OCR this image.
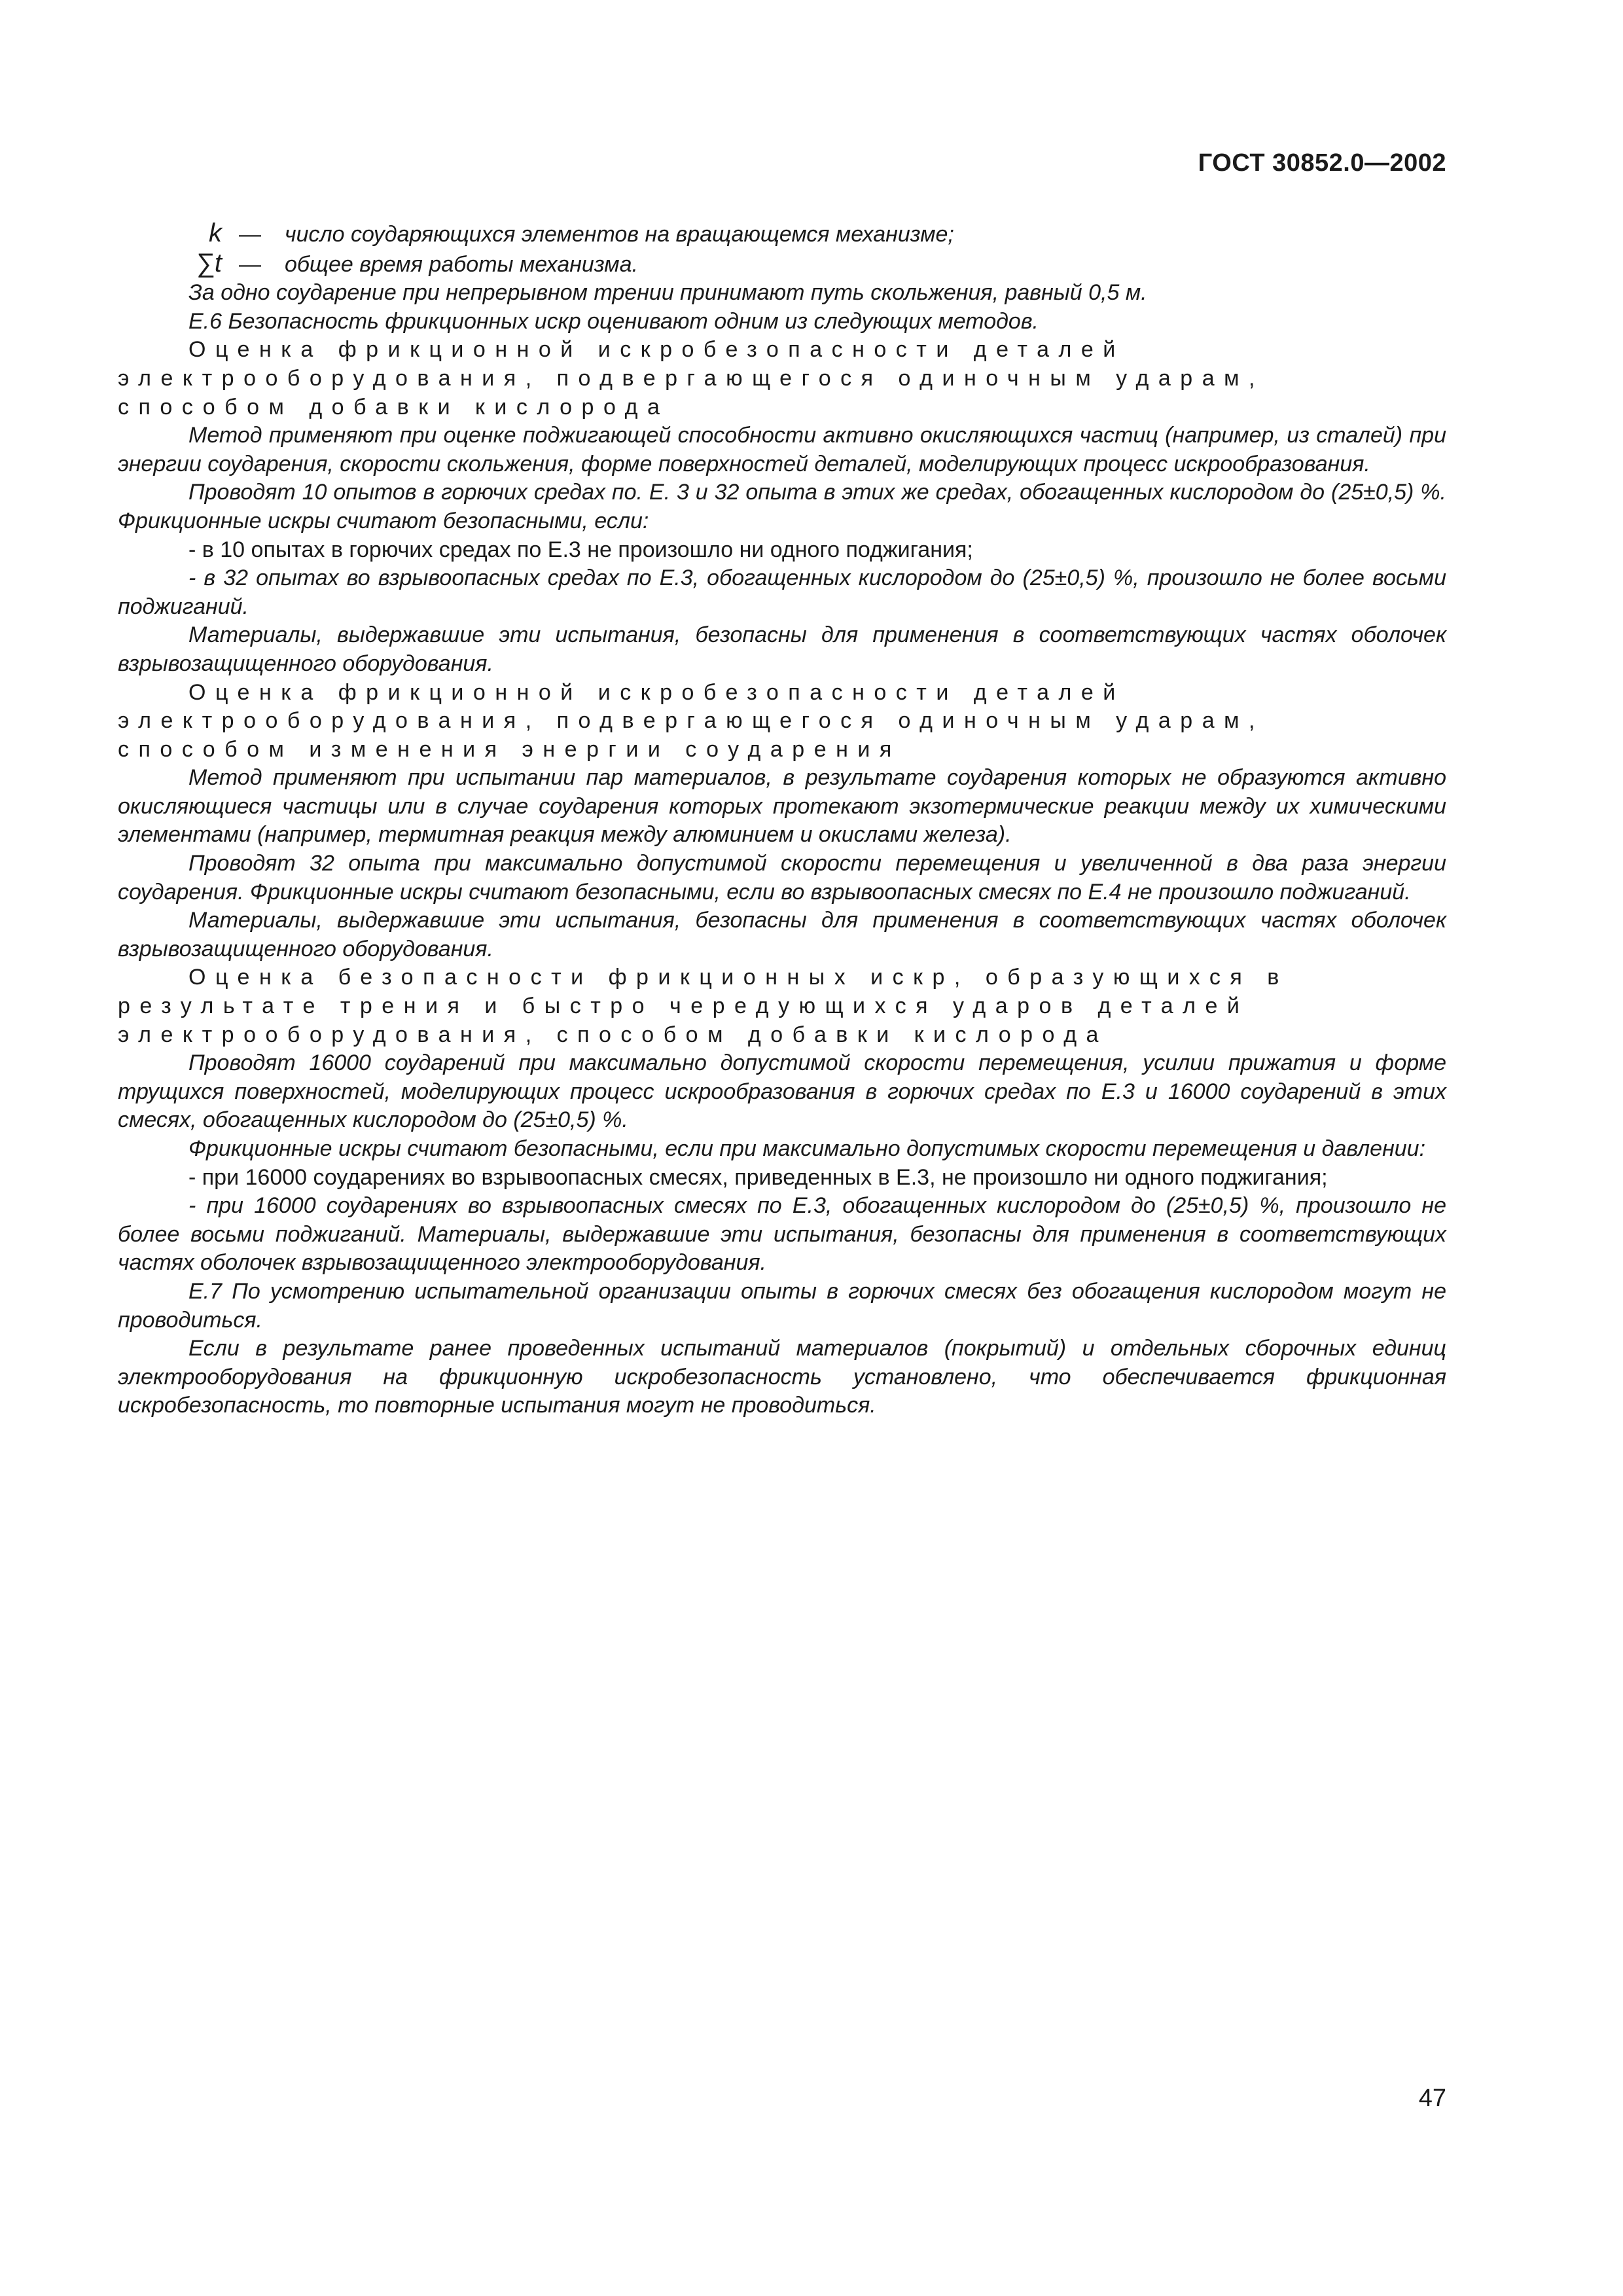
ГОСТ 30852.0—2002
k —	число соударяющихся элементов на вращающемся механизме;
∑t —	общее время работы механизма.

За одно соударение при непрерывном трении принимают путь скольжения, равный 0,5 м.

Е.6 Безопасность фрикционных искр оценивают одним из следующих методов.

Оценка фрикционной искробезопасности деталей электрооборудования, подвергающегося одиночным ударам, способом добавки кислорода

Метод применяют при оценке поджигающей способности активно окисляющихся частиц (например, из сталей) при энергии соударения, скорости скольжения, форме поверхностей деталей, моделирующих процесс искрообразования.

Проводят 10 опытов в горючих средах по. Е. 3 и 32 опыта в этих же средах, обогащенных кислородом до (25±0,5) %. Фрикционные искры считают безопасными, если:

- в 10 опытах в горючих средах по Е.3 не произошло ни одного поджигания;

- в 32 опытах во взрывоопасных средах по Е.3, обогащенных кислородом до (25±0,5) %, произошло не более восьми поджиганий.

Материалы, выдержавшие эти испытания, безопасны для применения в соответствующих частях оболочек взрывозащищенного оборудования.

Оценка фрикционной искробезопасности деталей электрооборудования, подвергающегося одиночным ударам, способом изменения энергии соударения

Метод применяют при испытании пар материалов, в результате соударения которых не образуются активно окисляющиеся частицы или в случае соударения которых протекают экзотермические реакции между их химическими элементами (например, термитная реакция между алюминием и окислами железа).

Проводят 32 опыта при максимально допустимой скорости перемещения и увеличенной в два раза энергии соударения. Фрикционные искры считают безопасными, если во взрывоопасных смесях по Е.4 не произошло поджиганий.

Материалы, выдержавшие эти испытания, безопасны для применения в соответствующих частях оболочек взрывозащищенного оборудования.

Оценка безопасности фрикционных искр, образующихся в результате трения и быстро чередующихся ударов деталей электрооборудования, способом добавки кислорода

Проводят 16000 соударений при максимально допустимой скорости перемещения, усилии прижатия и форме трущихся поверхностей, моделирующих процесс искрообразования в горючих средах по Е.3 и 16000 соударений в этих смесях, обогащенных кислородом до (25±0,5) %.

Фрикционные искры считают безопасными, если при максимально допустимых скорости перемещения и давлении:

- при 16000 соударениях во взрывоопасных смесях, приведенных в Е.3, не произошло ни одного поджигания;

- при 16000 соударениях во взрывоопасных смесях по Е.3, обогащенных кислородом до (25±0,5) %, произошло не более восьми поджиганий. Материалы, выдержавшие эти испытания, безопасны для применения в соответствующих частях оболочек взрывозащищенного электрооборудования.

Е.7 По усмотрению испытательной организации опыты в горючих смесях без обогащения кислородом могут не проводиться.

Если в результате ранее проведенных испытаний материалов (покрытий) и отдельных сборочных единиц электрооборудования на фрикционную искробезопасность установлено, что обеспечивается фрикционная искробезопасность, то повторные испытания могут не проводиться.

47
